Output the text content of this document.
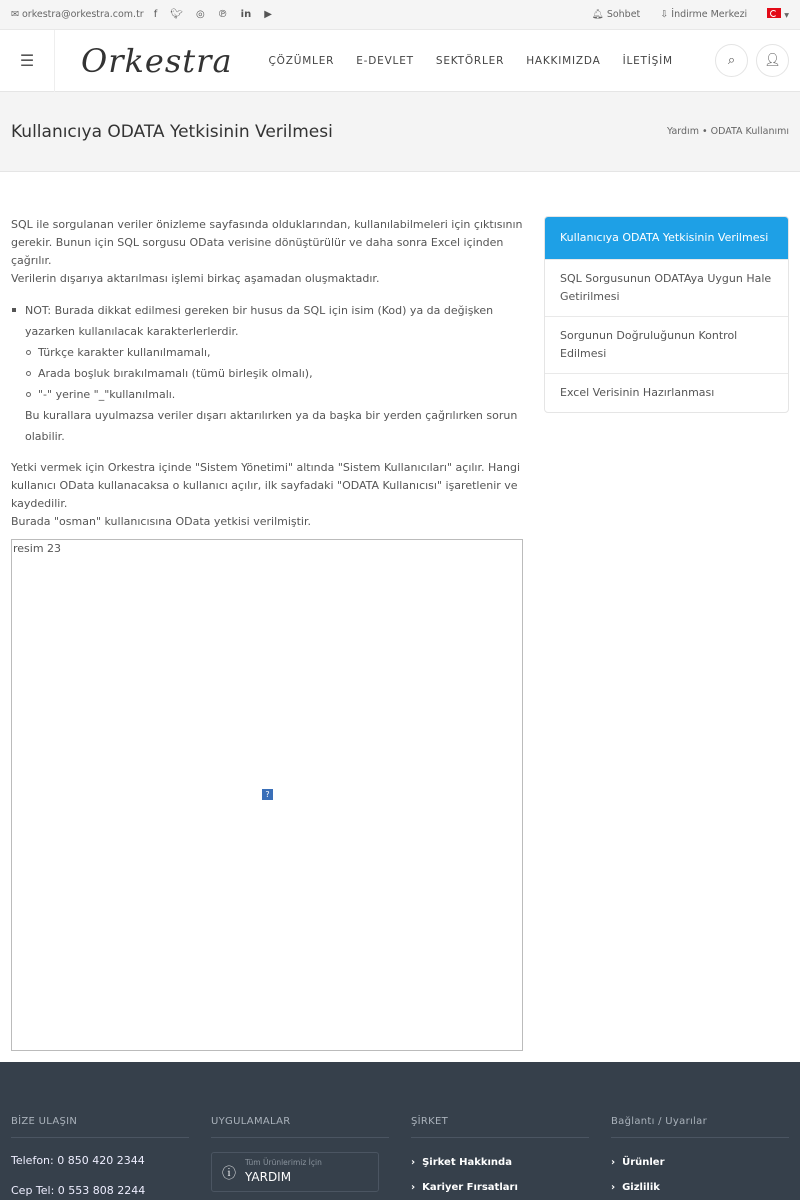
✉ orkestra@orkestra.com.tr f 🐦︎ ◎ ℗ in ▶	🔔︎ Sohbet ⇩ İndirme Merkezi	▾
☰	Orkestra	ÇÖZÜMLER E-DEVLET SEKTÖRLER HAKKIMIZDA İLETİŞİM	⌕ 👤︎
Kullanıcıya ODATA Yetkisinin Verilmesi	Yardım • ODATA Kullanımı

SQL ile sorgulanan veriler önizleme sayfasında olduklarından, kullanılabilmeleri için çıktısının gerekir. Bunun için SQL sorgusu OData verisine dönüştürülür ve daha sonra Excel içinden çağrılır.
Verilerin dışarıya aktarılması işlemi birkaç aşamadan oluşmaktadır.

NOT: Burada dikkat edilmesi gereken bir husus da SQL için isim (Kod) ya da değişken yazarken kullanılacak karakterlerlerdir.
Türkçe karakter kullanılmamalı,
Arada boşluk bırakılmamalı (tümü birleşik olmalı),
"-" yerine "_"kullanılmalı.
Bu kurallara uyulmazsa veriler dışarı aktarılırken ya da başka bir yerden çağrılırken sorun olabilir.

Yetki vermek için Orkestra içinde "Sistem Yönetimi" altında "Sistem Kullanıcıları" açılır. Hangi kullanıcı OData kullanacaksa o kullanıcı açılır, ilk sayfadaki "ODATA Kullanıcısı" işaretlenir ve kaydedilir.
Burada "osman" kullanıcısına OData yetkisi verilmiştir.

resim 23
?
Kullanıcıya ODATA Yetkisinin Verilmesi
SQL Sorgusunun ODATAya Uygun Hale Getirilmesi
Sorgunun Doğruluğunun Kontrol Edilmesi
Excel Verisinin Hazırlanması
BİZE ULAŞIN
Telefon: 0 850 420 2344
Cep Tel: 0 553 808 2244
UYGULAMALAR
ⓘ
Tüm Ürünlerimiz İçin
YARDIM
ŞİRKET
›  Şirket Hakkında
›  Kariyer Fırsatları
Bağlantı / Uyarılar
›  Ürünler
›  Gizlilik
